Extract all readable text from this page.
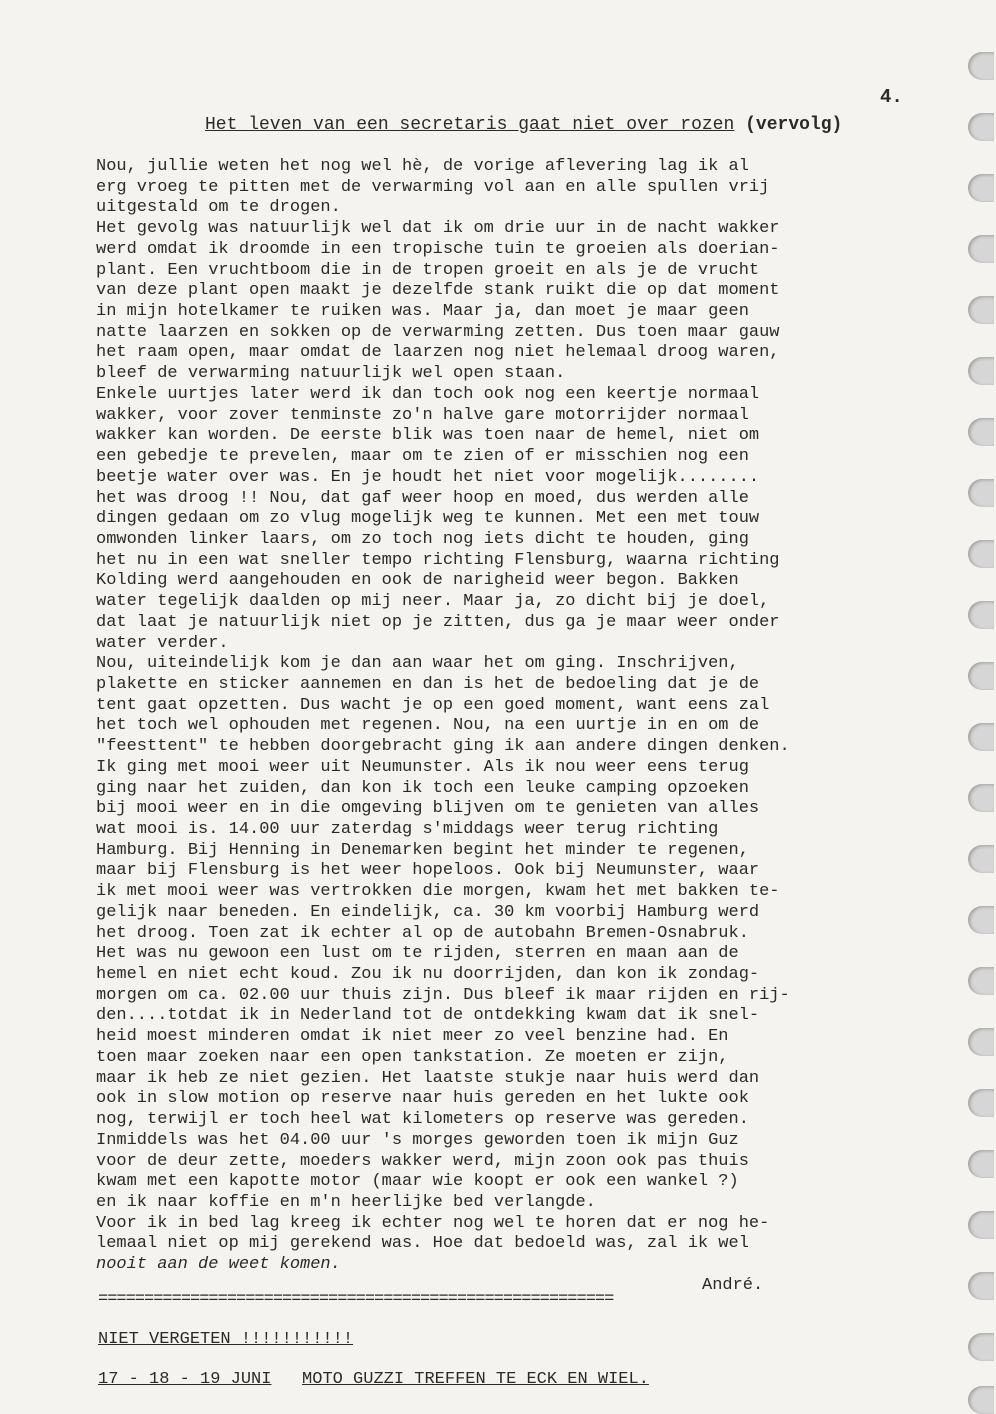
4.
Het leven van een secretaris gaat niet over rozen (vervolg)
Nou, jullie weten het nog wel hè, de vorige aflevering lag ik al
erg vroeg te pitten met de verwarming vol aan en alle spullen vrij
uitgestald om te drogen.
Het gevolg was natuurlijk wel dat ik om drie uur in de nacht wakker
werd omdat ik droomde in een tropische tuin te groeien als doerian-
plant. Een vruchtboom die in de tropen groeit en als je de vrucht
van deze plant open maakt je dezelfde stank ruikt die op dat moment
in mijn hotelkamer te ruiken was. Maar ja, dan moet je maar geen
natte laarzen en sokken op de verwarming zetten. Dus toen maar gauw
het raam open, maar omdat de laarzen nog niet helemaal droog waren,
bleef de verwarming natuurlijk wel open staan.
Enkele uurtjes later werd ik dan toch ook nog een keertje normaal
wakker, voor zover tenminste zo'n halve gare motorrijder normaal
wakker kan worden. De eerste blik was toen naar de hemel, niet om
een gebedje te prevelen, maar om te zien of er misschien nog een
beetje water over was. En je houdt het niet voor mogelijk........
het was droog !! Nou, dat gaf weer hoop en moed, dus werden alle
dingen gedaan om zo vlug mogelijk weg te kunnen. Met een met touw
omwonden linker laars, om zo toch nog iets dicht te houden, ging
het nu in een wat sneller tempo richting Flensburg, waarna richting
Kolding werd aangehouden en ook de narigheid weer begon. Bakken
water tegelijk daalden op mij neer. Maar ja, zo dicht bij je doel,
dat laat je natuurlijk niet op je zitten, dus ga je maar weer onder
water verder.
Nou, uiteindelijk kom je dan aan waar het om ging. Inschrijven,
plakette en sticker aannemen en dan is het de bedoeling dat je de
tent gaat opzetten. Dus wacht je op een goed moment, want eens zal
het toch wel ophouden met regenen. Nou, na een uurtje in en om de
"feesttent" te hebben doorgebracht ging ik aan andere dingen denken.
Ik ging met mooi weer uit Neumunster. Als ik nou weer eens terug
ging naar het zuiden, dan kon ik toch een leuke camping opzoeken
bij mooi weer en in die omgeving blijven om te genieten van alles
wat mooi is. 14.00 uur zaterdag s'middags weer terug richting
Hamburg. Bij Henning in Denemarken begint het minder te regenen,
maar bij Flensburg is het weer hopeloos. Ook bij Neumunster, waar
ik met mooi weer was vertrokken die morgen, kwam het met bakken te-
gelijk naar beneden. En eindelijk, ca. 30 km voorbij Hamburg werd
het droog. Toen zat ik echter al op de autobahn Bremen-Osnabruk.
Het was nu gewoon een lust om te rijden, sterren en maan aan de
hemel en niet echt koud. Zou ik nu doorrijden, dan kon ik zondag-
morgen om ca. 02.00 uur thuis zijn. Dus bleef ik maar rijden en rij-
den....totdat ik in Nederland tot de ontdekking kwam dat ik snel-
heid moest minderen omdat ik niet meer zo veel benzine had. En
toen maar zoeken naar een open tankstation. Ze moeten er zijn,
maar ik heb ze niet gezien. Het laatste stukje naar huis werd dan
ook in slow motion op reserve naar huis gereden en het lukte ook
nog, terwijl er toch heel wat kilometers op reserve was gereden.
Inmiddels was het 04.00 uur 's morges geworden toen ik mijn Guz
voor de deur zette, moeders wakker werd, mijn zoon ook pas thuis
kwam met een kapotte motor (maar wie koopt er ook een wankel ?)
en ik naar koffie en m'n heerlijke bed verlangde.
Voor ik in bed lag kreeg ik echter nog wel te horen dat er nog he-
lemaal niet op mij gerekend was. Hoe dat bedoeld was, zal ik wel
nooit aan de weet komen.
André.
========================================================
NIET VERGETEN !!!!!!!!!!!
17 - 18 - 19 JUNI MOTO GUZZI TREFFEN TE ECK EN WIEL.
